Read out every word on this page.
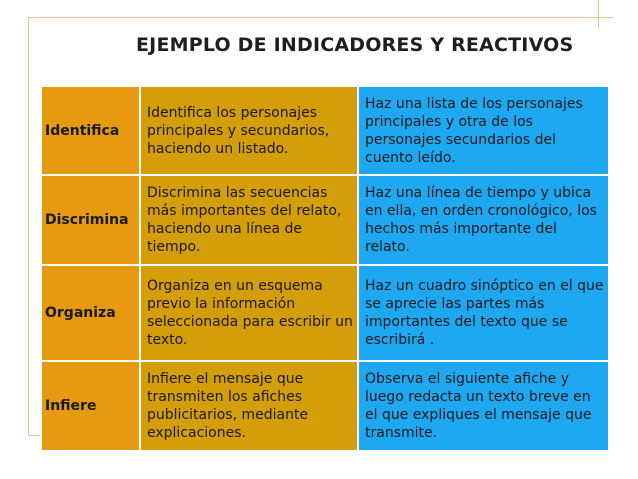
EJEMPLO DE INDICADORES Y REACTIVOS
Identifica	Identifica los personajes principales y secundarios, haciendo un listado.	Haz una lista de los personajes principales y otra de los personajes secundarios del cuento leído.
Discrimina	Discrimina las secuencias más importantes del relato, haciendo una línea de tiempo.	Haz una línea de tiempo y ubica en ella, en orden cronológico, los hechos más importante del relato.
Organiza	Organiza en un esquema previo la información seleccionada para escribir un texto.	Haz un cuadro sinóptico en el que se aprecie las partes más importantes del texto que se escribirá .
Infiere	Infiere el mensaje que transmiten los afiches publicitarios, mediante explicaciones.	Observa el siguiente afiche y luego redacta un texto breve en el que expliques el mensaje que transmite.
